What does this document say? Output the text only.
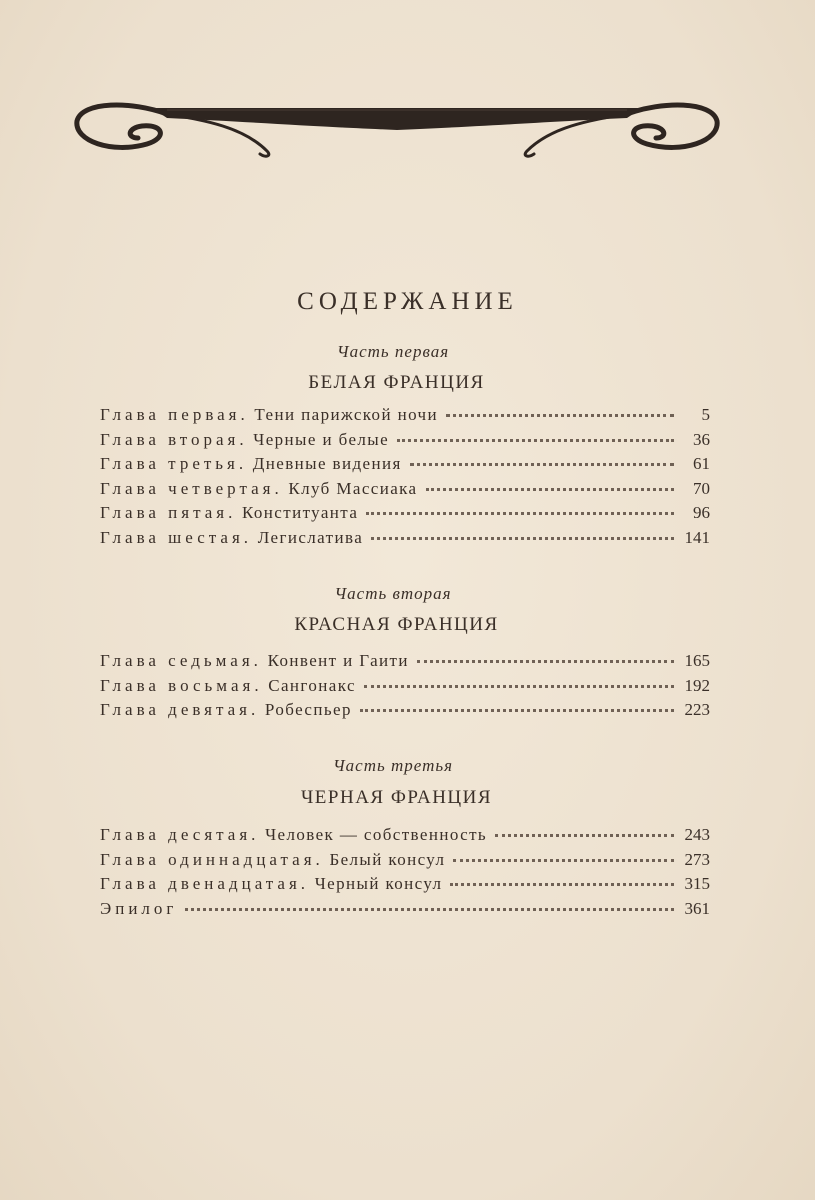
СОДЕРЖАНИЕ
Часть первая
БЕЛАЯ ФРАНЦИЯ
Глава первая. Тени парижской ночи	5
Глава вторая. Черные и белые	36
Глава третья. Дневные видения	61
Глава четвертая. Клуб Массиака	70
Глава пятая. Конституанта	96
Глава шестая. Легислатива	141
Часть вторая
КРАСНАЯ ФРАНЦИЯ
Глава седьмая. Конвент и Гаити	165
Глава восьмая. Сангонакс	192
Глава девятая. Робеспьер	223
Часть третья
ЧЕРНАЯ ФРАНЦИЯ
Глава десятая. Человек — собственность	243
Глава одиннадцатая. Белый консул	273
Глава двенадцатая. Черный консул	315
Эпилог	361
